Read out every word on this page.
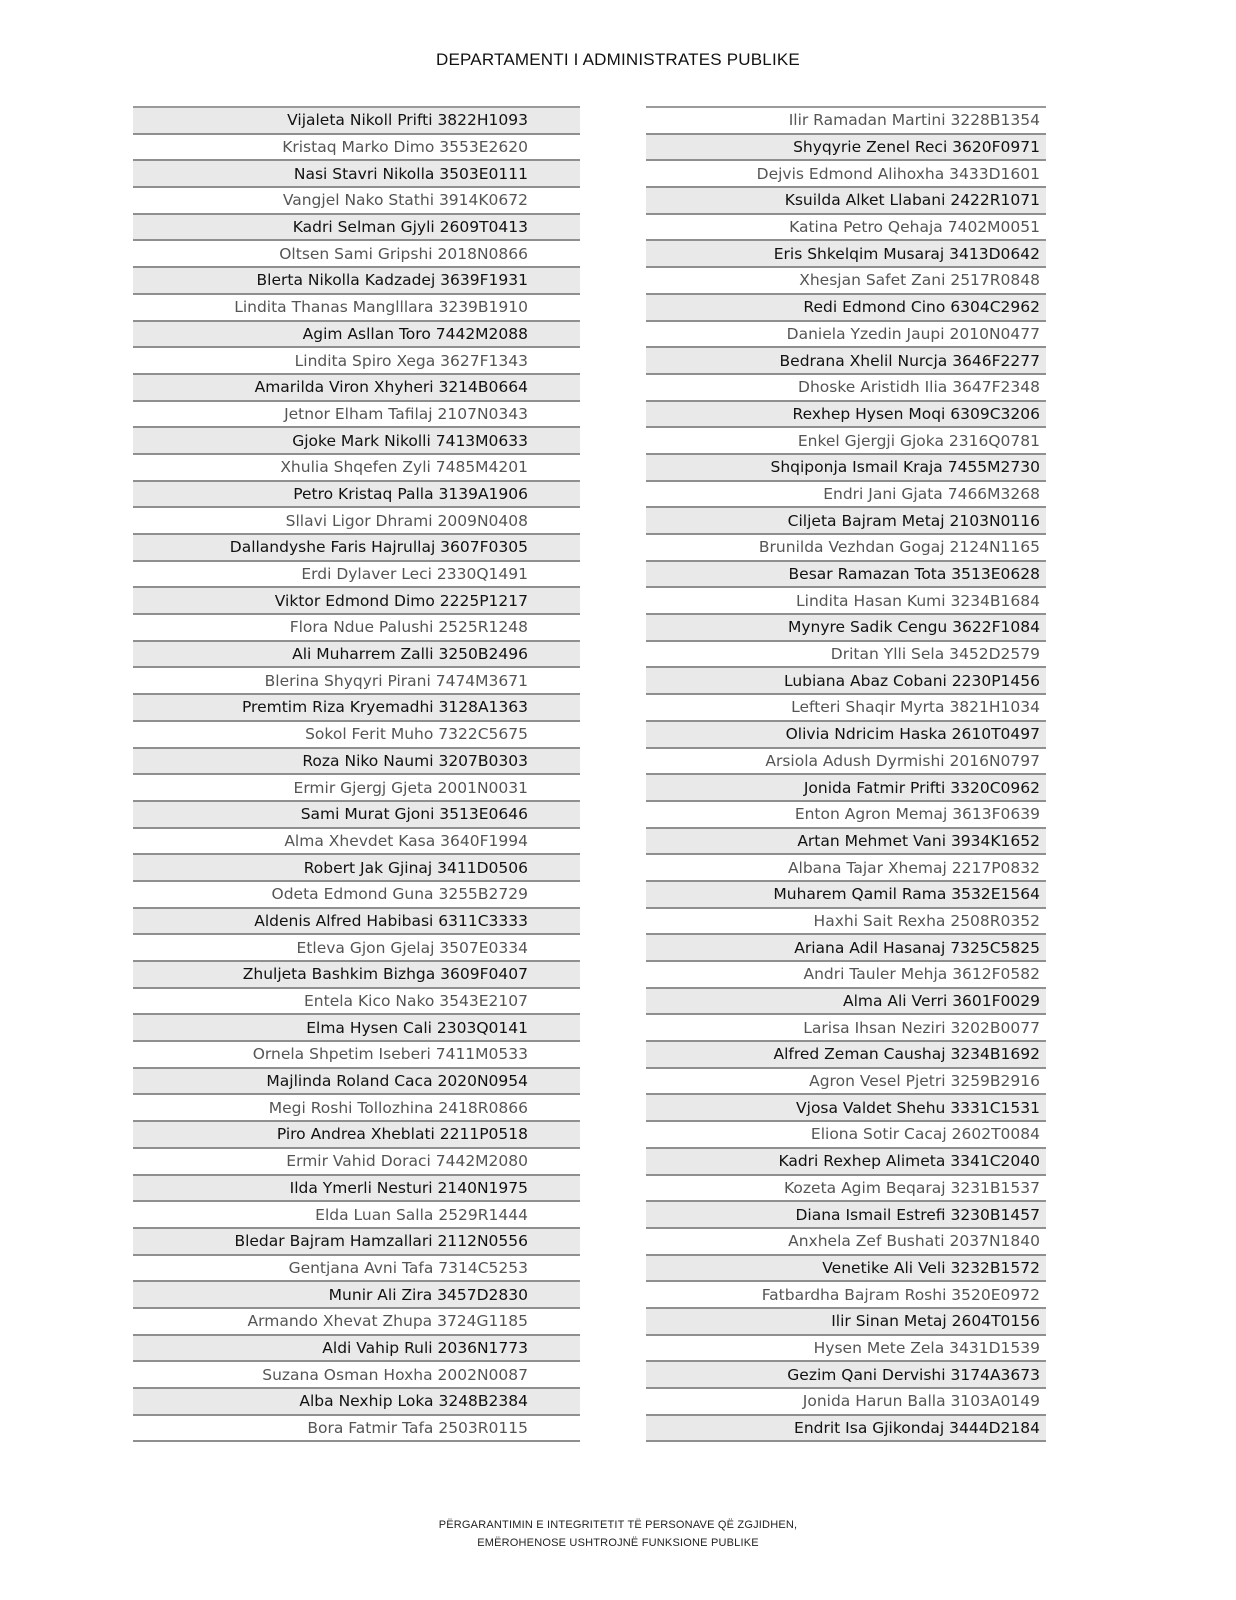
DEPARTAMENTI I ADMINISTRATES PUBLIKE
Vijaleta Nikoll Prifti 3822H1093
Kristaq Marko Dimo 3553E2620
Nasi Stavri Nikolla 3503E0111
Vangjel Nako Stathi 3914K0672
Kadri Selman Gjyli 2609T0413
Oltsen Sami Gripshi 2018N0866
Blerta Nikolla Kadzadej 3639F1931
Lindita Thanas Manglllara 3239B1910
Agim Asllan Toro 7442M2088
Lindita Spiro Xega 3627F1343
Amarilda Viron Xhyheri 3214B0664
Jetnor Elham Tafilaj 2107N0343
Gjoke Mark Nikolli 7413M0633
Xhulia Shqefen Zyli 7485M4201
Petro Kristaq Palla 3139A1906
Sllavi Ligor Dhrami 2009N0408
Dallandyshe Faris Hajrullaj 3607F0305
Erdi Dylaver Leci 2330Q1491
Viktor Edmond Dimo 2225P1217
Flora Ndue Palushi 2525R1248
Ali Muharrem Zalli 3250B2496
Blerina Shyqyri Pirani 7474M3671
Premtim Riza Kryemadhi 3128A1363
Sokol Ferit Muho 7322C5675
Roza Niko Naumi 3207B0303
Ermir Gjergj Gjeta 2001N0031
Sami Murat Gjoni 3513E0646
Alma Xhevdet Kasa 3640F1994
Robert Jak Gjinaj 3411D0506
Odeta Edmond Guna 3255B2729
Aldenis Alfred Habibasi 6311C3333
Etleva Gjon Gjelaj 3507E0334
Zhuljeta Bashkim Bizhga 3609F0407
Entela Kico Nako 3543E2107
Elma Hysen Cali 2303Q0141
Ornela Shpetim Iseberi 7411M0533
Majlinda Roland Caca 2020N0954
Megi Roshi Tollozhina 2418R0866
Piro Andrea Xheblati 2211P0518
Ermir Vahid Doraci 7442M2080
Ilda Ymerli Nesturi 2140N1975
Elda Luan Salla 2529R1444
Bledar Bajram Hamzallari 2112N0556
Gentjana Avni Tafa 7314C5253
Munir Ali Zira 3457D2830
Armando Xhevat Zhupa 3724G1185
Aldi Vahip Ruli 2036N1773
Suzana Osman Hoxha 2002N0087
Alba Nexhip Loka 3248B2384
Bora Fatmir Tafa 2503R0115
Ilir Ramadan Martini 3228B1354
Shyqyrie Zenel Reci 3620F0971
Dejvis Edmond Alihoxha 3433D1601
Ksuilda Alket Llabani 2422R1071
Katina Petro Qehaja 7402M0051
Eris Shkelqim Musaraj 3413D0642
Xhesjan Safet Zani 2517R0848
Redi Edmond Cino 6304C2962
Daniela Yzedin Jaupi 2010N0477
Bedrana Xhelil Nurcja 3646F2277
Dhoske Aristidh Ilia 3647F2348
Rexhep Hysen Moqi 6309C3206
Enkel Gjergji Gjoka 2316Q0781
Shqiponja Ismail Kraja 7455M2730
Endri Jani Gjata 7466M3268
Ciljeta Bajram Metaj 2103N0116
Brunilda Vezhdan Gogaj 2124N1165
Besar Ramazan Tota 3513E0628
Lindita Hasan Kumi 3234B1684
Mynyre Sadik Cengu 3622F1084
Dritan Ylli Sela 3452D2579
Lubiana Abaz Cobani 2230P1456
Lefteri Shaqir Myrta 3821H1034
Olivia Ndricim Haska 2610T0497
Arsiola Adush Dyrmishi 2016N0797
Jonida Fatmir Prifti 3320C0962
Enton Agron Memaj 3613F0639
Artan Mehmet Vani 3934K1652
Albana Tajar Xhemaj 2217P0832
Muharem Qamil Rama 3532E1564
Haxhi Sait Rexha 2508R0352
Ariana Adil Hasanaj 7325C5825
Andri Tauler Mehja 3612F0582
Alma Ali Verri 3601F0029
Larisa Ihsan Neziri 3202B0077
Alfred Zeman Caushaj 3234B1692
Agron Vesel Pjetri 3259B2916
Vjosa Valdet Shehu 3331C1531
Eliona Sotir Cacaj 2602T0084
Kadri Rexhep Alimeta 3341C2040
Kozeta Agim Beqaraj 3231B1537
Diana Ismail Estrefi 3230B1457
Anxhela Zef Bushati 2037N1840
Venetike Ali Veli 3232B1572
Fatbardha Bajram Roshi 3520E0972
Ilir Sinan Metaj 2604T0156
Hysen Mete Zela 3431D1539
Gezim Qani Dervishi 3174A3673
Jonida Harun Balla 3103A0149
Endrit Isa Gjikondaj 3444D2184
PËRGARANTIMIN E INTEGRITETIT TË PERSONAVE QË ZGJIDHEN,
EMËROHENOSE USHTROJNË FUNKSIONE PUBLIKE
